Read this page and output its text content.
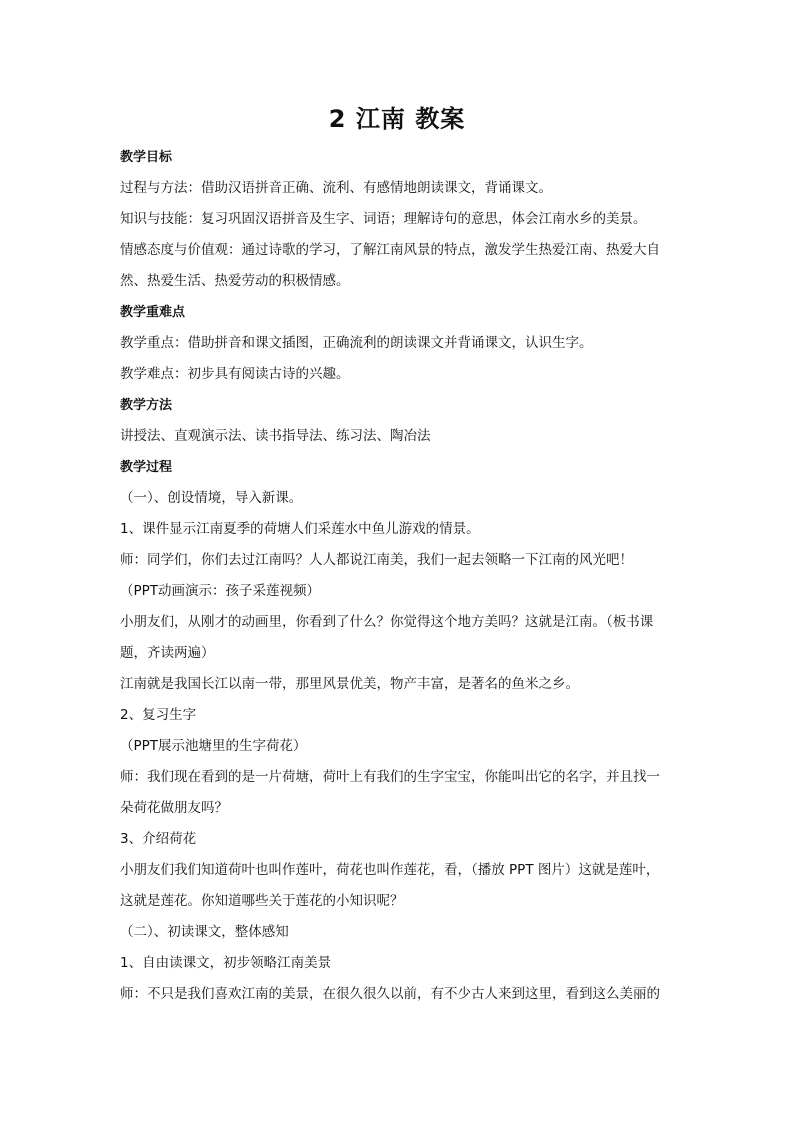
2 江南 教案

教学目标

过程与方法：借助汉语拼音正确、流利、有感情地朗读课文，背诵课文。

知识与技能：复习巩固汉语拼音及生字、词语；理解诗句的意思，体会江南水乡的美景。

情感态度与价值观：通过诗歌的学习，了解江南风景的特点，激发学生热爱江南、热爱大自

然、热爱生活、热爱劳动的积极情感。

教学重难点

教学重点：借助拼音和课文插图，正确流利的朗读课文并背诵课文，认识生字。

教学难点：初步具有阅读古诗的兴趣。

教学方法

讲授法、直观演示法、读书指导法、练习法、陶冶法

教学过程

（一）、创设情境，导入新课。

1、课件显示江南夏季的荷塘人们采莲水中鱼儿游戏的情景。

师：同学们，你们去过江南吗？人人都说江南美，我们一起去领略一下江南的风光吧！

（PPT动画演示：孩子采莲视频）

小朋友们，从刚才的动画里，你看到了什么？你觉得这个地方美吗？这就是江南。（板书课

题，齐读两遍）

江南就是我国长江以南一带，那里风景优美，物产丰富，是著名的鱼米之乡。

2、复习生字

（PPT展示池塘里的生字荷花）

师：我们现在看到的是一片荷塘，荷叶上有我们的生字宝宝，你能叫出它的名字，并且找一

朵荷花做朋友吗？

3、介绍荷花

小朋友们我们知道荷叶也叫作莲叶，荷花也叫作莲花，看，（播放 PPT 图片）这就是莲叶，

这就是莲花。你知道哪些关于莲花的小知识呢？

（二）、初读课文，整体感知

1、自由读课文，初步领略江南美景

师：不只是我们喜欢江南的美景，在很久很久以前，有不少古人来到这里，看到这么美丽的
